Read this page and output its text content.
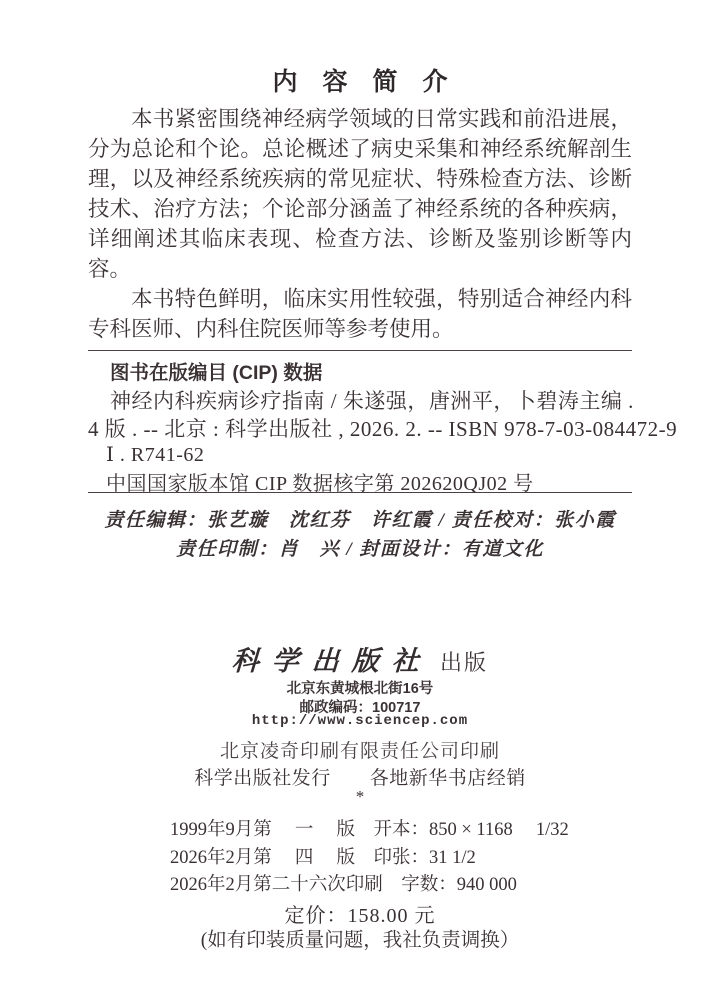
内　容　简　介

本书紧密围绕神经病学领域的日常实践和前沿进展，分为总论和个论。总论概述了病史采集和神经系统解剖生理，以及神经系统疾病的常见症状、特殊检查方法、诊断技术、治疗方法；个论部分涵盖了神经系统的各种疾病，详细阐述其临床表现、检查方法、诊断及鉴别诊断等内容。

本书特色鲜明，临床实用性较强，特别适合神经内科专科医师、内科住院医师等参考使用。

图书在版编目 (CIP) 数据
神经内科疾病诊疗指南 / 朱遂强，唐洲平，卜碧涛主编 .
4 版 . -- 北京 : 科学出版社 , 2026. 2. -- ISBN 978-7-03-084472-9
Ⅰ . R741-62
中国国家版本馆 CIP 数据核字第 202620QJ02 号
责任编辑：张艺璇　沈红芬　许红霞 / 责任校对：张小霞
责任印制：肖　兴 / 封面设计：有道文化
科学出版社 出版
北京东黄城根北街16号
邮政编码：100717
http://www.sciencep.com
北京凌奇印刷有限责任公司印刷
科学出版社发行　　各地新华书店经销
*
1999年9月第　 一 　版　开本：850 × 1168　 1/32
2026年2月第　 四 　版　印张：31 1/2
2026年2月第二十六次印刷　字数：940 000
定价：158.00 元
(如有印装质量问题，我社负责调换）
